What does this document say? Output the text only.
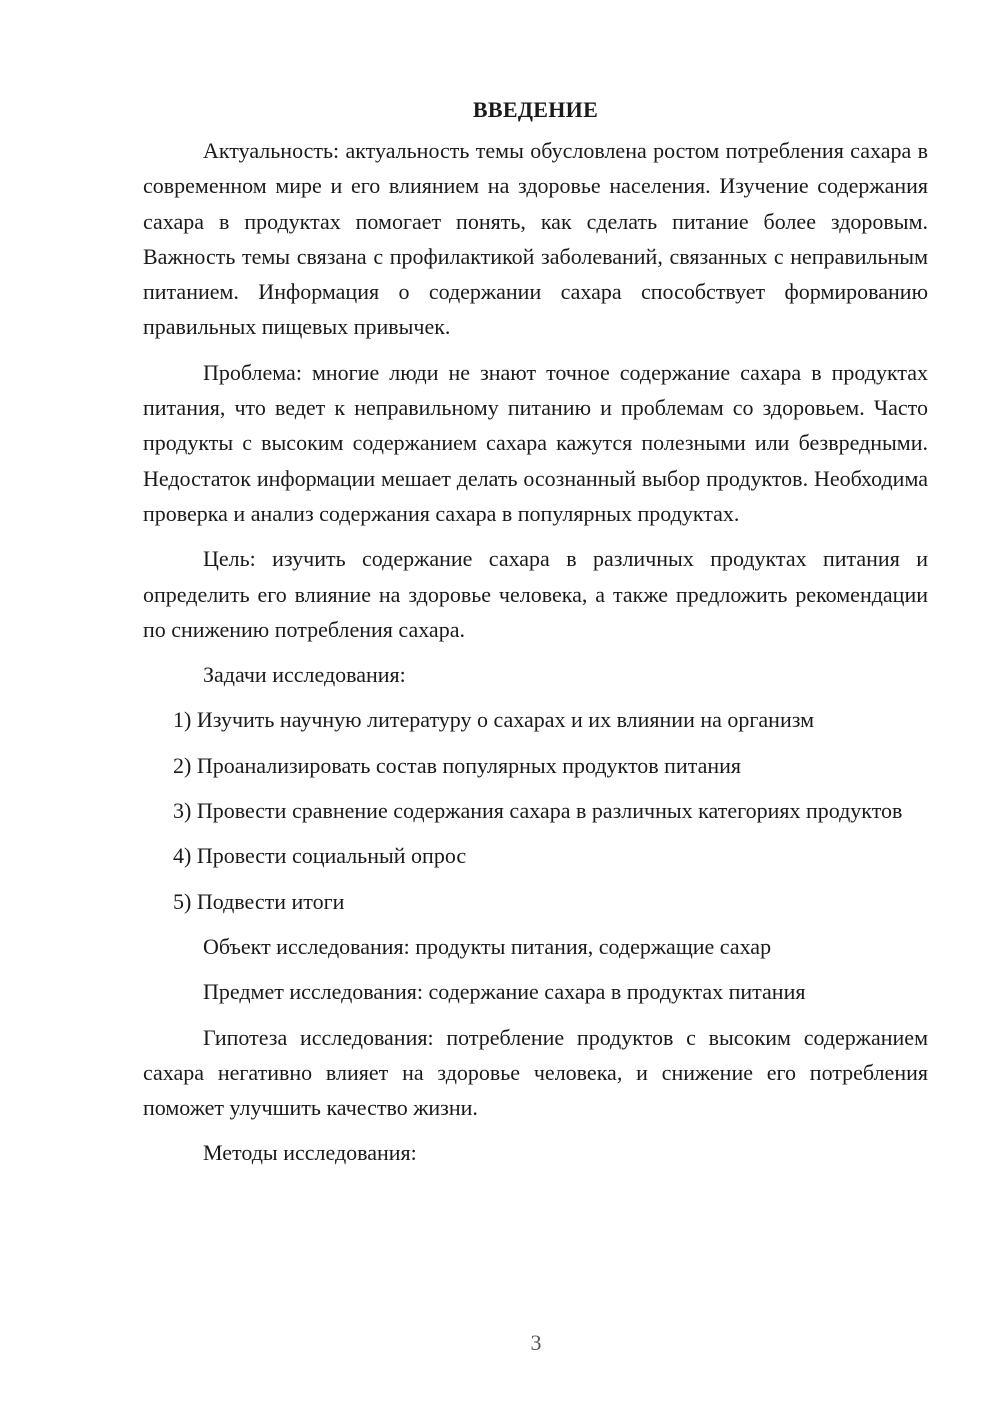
ВВЕДЕНИЕ

Актуальность: актуальность темы обусловлена ростом потребления сахара в современном мире и его влиянием на здоровье населения. Изучение содержания сахара в продуктах помогает понять, как сделать питание более здоровым. Важность темы связана с профилактикой заболеваний, связанных с неправильным питанием. Информация о содержании сахара способствует формированию правильных пищевых привычек.

Проблема: многие люди не знают точное содержание сахара в продуктах питания, что ведет к неправильному питанию и проблемам со здоровьем. Часто продукты с высоким содержанием сахара кажутся полезными или безвредными. Недостаток информации мешает делать осознанный выбор продуктов. Необходима проверка и анализ содержания сахара в популярных продуктах.

Цель: изучить содержание сахара в различных продуктах питания и определить его влияние на здоровье человека, а также предложить рекомендации по снижению потребления сахара.

Задачи исследования:

1) Изучить научную литературу о сахарах и их влиянии на организм

2) Проанализировать состав популярных продуктов питания

3) Провести сравнение содержания сахара в различных категориях продуктов

4) Провести социальный опрос

5) Подвести итоги

Объект исследования: продукты питания, содержащие сахар

Предмет исследования: содержание сахара в продуктах питания

Гипотеза исследования: потребление продуктов с высоким содержанием сахара негативно влияет на здоровье человека, и снижение его потребления поможет улучшить качество жизни.

Методы исследования:

3
